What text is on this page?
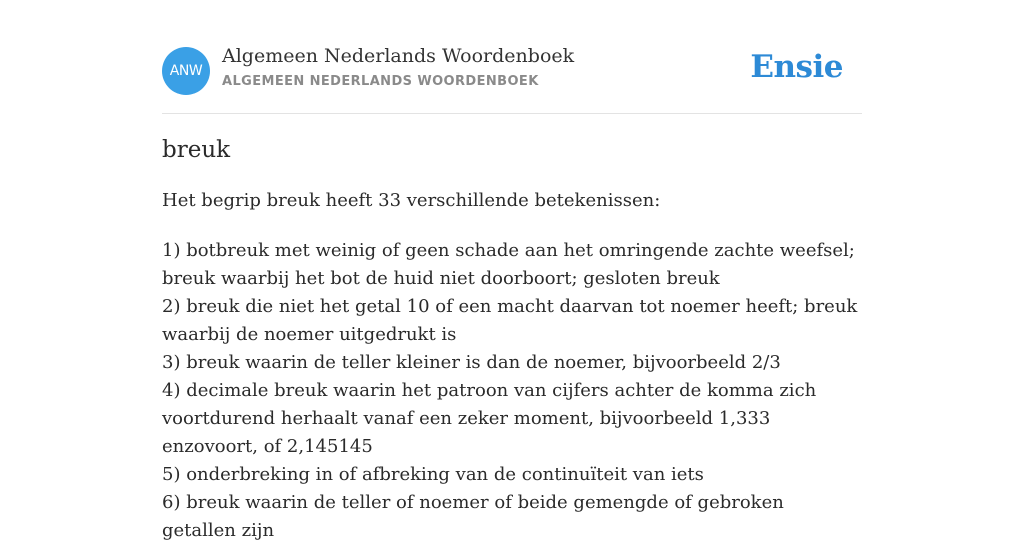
ANW
Algemeen Nederlands Woordenboek
ALGEMEEN NEDERLANDS WOORDENBOEK	Ensie
breuk

Het begrip breuk heeft 33 verschillende betekenissen:

1) botbreuk met weinig of geen schade aan het omringende zachte weefsel; breuk waarbij het bot de huid niet doorboort; gesloten breuk
2) breuk die niet het getal 10 of een macht daarvan tot noemer heeft; breuk waarbij de noemer uitgedrukt is
3) breuk waarin de teller kleiner is dan de noemer, bijvoorbeeld 2/3
4) decimale breuk waarin het patroon van cijfers achter de komma zich voortdurend herhaalt vanaf een zeker moment, bijvoorbeeld 1,333 enzovoort, of 2,145145
5) onderbreking in of afbreking van de continuïteit van iets
6) breuk waarin de teller of noemer of beide gemengde of gebroken getallen zijn
